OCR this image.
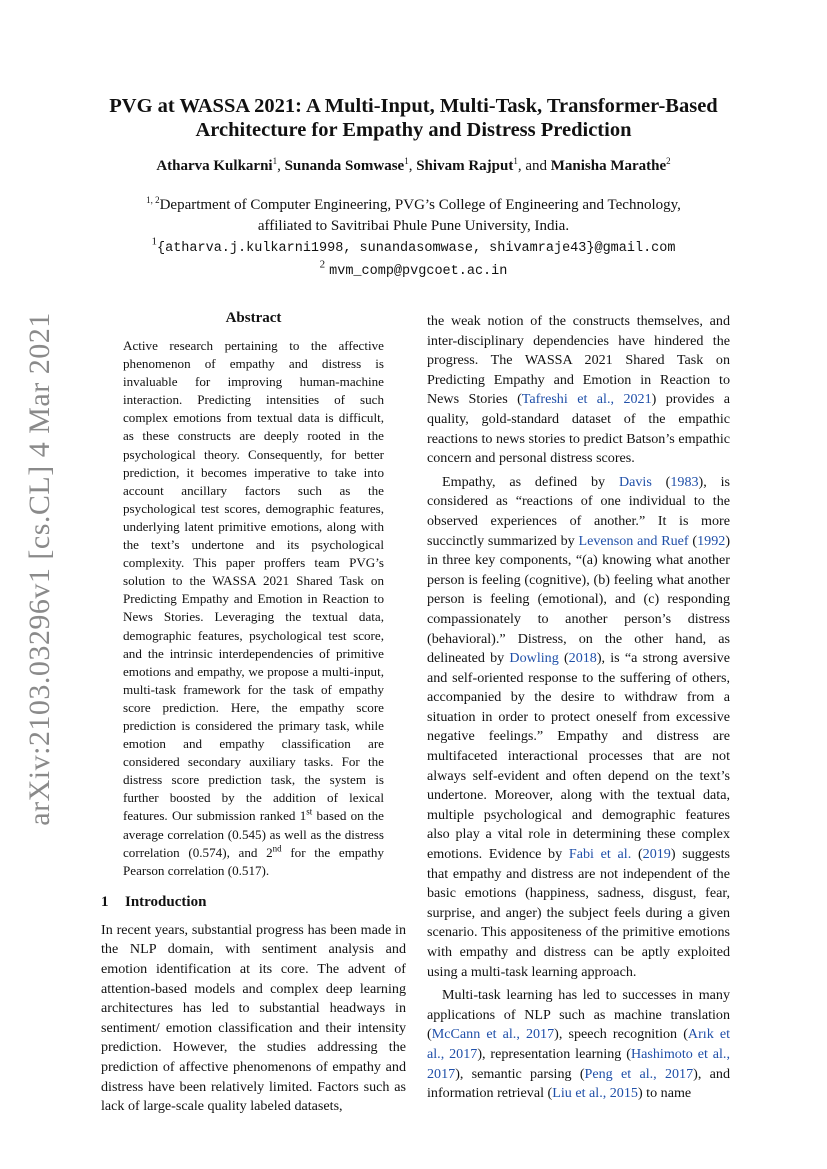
arXiv:2103.03296v1 [cs.CL] 4 Mar 2021
PVG at WASSA 2021: A Multi-Input, Multi-Task, Transformer-Based
Architecture for Empathy and Distress Prediction
Atharva Kulkarni$^1$, Sunanda Somwase$^1$, Shivam Rajput$^1$, and Manisha Marathe$^2$
$^{1, 2}$Department of Computer Engineering, PVG’s College of Engineering and Technology,
affiliated to Savitribai Phule Pune University, India.
$^1${atharva.j.kulkarni1998, sunandasomwase, shivamraje43}@gmail.com
$^2$ mvm_comp@pvgcoet.ac.in
Abstract
Active research pertaining to the affective phenomenon of empathy and distress is invaluable for improving human-machine interaction. Predicting intensities of such complex emotions from textual data is difficult, as these constructs are deeply rooted in the psychological theory. Consequently, for better prediction, it becomes imperative to take into account ancillary factors such as the psychological test scores, demographic features, underlying latent primitive emotions, along with the text’s undertone and its psychological complexity. This paper proffers team PVG’s solution to the WASSA 2021 Shared Task on Predicting Empathy and Emotion in Reaction to News Stories. Leveraging the textual data, demographic features, psychological test score, and the intrinsic interdependencies of primitive emotions and empathy, we propose a multi-input, multi-task framework for the task of empathy score prediction. Here, the empathy score prediction is considered the primary task, while emotion and empathy classification are considered secondary auxiliary tasks. For the distress score prediction task, the system is further boosted by the addition of lexical features. Our submission ranked 1st based on the average correlation (0.545) as well as the distress correlation (0.574), and 2nd for the empathy Pearson correlation (0.517).
1 Introduction

In recent years, substantial progress has been made in the NLP domain, with sentiment analysis and emotion identification at its core. The advent of attention-based models and complex deep learning architectures has led to substantial headways in sentiment/ emotion classification and their intensity prediction. However, the studies addressing the prediction of affective phenomenons of empathy and distress have been relatively limited. Factors such as lack of large-scale quality labeled datasets,

the weak notion of the constructs themselves, and inter-disciplinary dependencies have hindered the progress. The WASSA 2021 Shared Task on Predicting Empathy and Emotion in Reaction to News Stories (Tafreshi et al., 2021) provides a quality, gold-standard dataset of the empathic reactions to news stories to predict Batson’s empathic concern and personal distress scores.

Empathy, as defined by Davis (1983), is considered as “reactions of one individual to the observed experiences of another.” It is more succinctly summarized by Levenson and Ruef (1992) in three key components, “(a) knowing what another person is feeling (cognitive), (b) feeling what another person is feeling (emotional), and (c) responding compassionately to another person’s distress (behavioral).” Distress, on the other hand, as delineated by Dowling (2018), is “a strong aversive and self-oriented response to the suffering of others, accompanied by the desire to withdraw from a situation in order to protect oneself from excessive negative feelings.” Empathy and distress are multifaceted interactional processes that are not always self-evident and often depend on the text’s undertone. Moreover, along with the textual data, multiple psychological and demographic features also play a vital role in determining these complex emotions. Evidence by Fabi et al. (2019) suggests that empathy and distress are not independent of the basic emotions (happiness, sadness, disgust, fear, surprise, and anger) the subject feels during a given scenario. This appositeness of the primitive emotions with empathy and distress can be aptly exploited using a multi-task learning approach.

Multi-task learning has led to successes in many applications of NLP such as machine translation (McCann et al., 2017), speech recognition (Arık et al., 2017), representation learning (Hashimoto et al., 2017), semantic parsing (Peng et al., 2017), and information retrieval (Liu et al., 2015) to name
